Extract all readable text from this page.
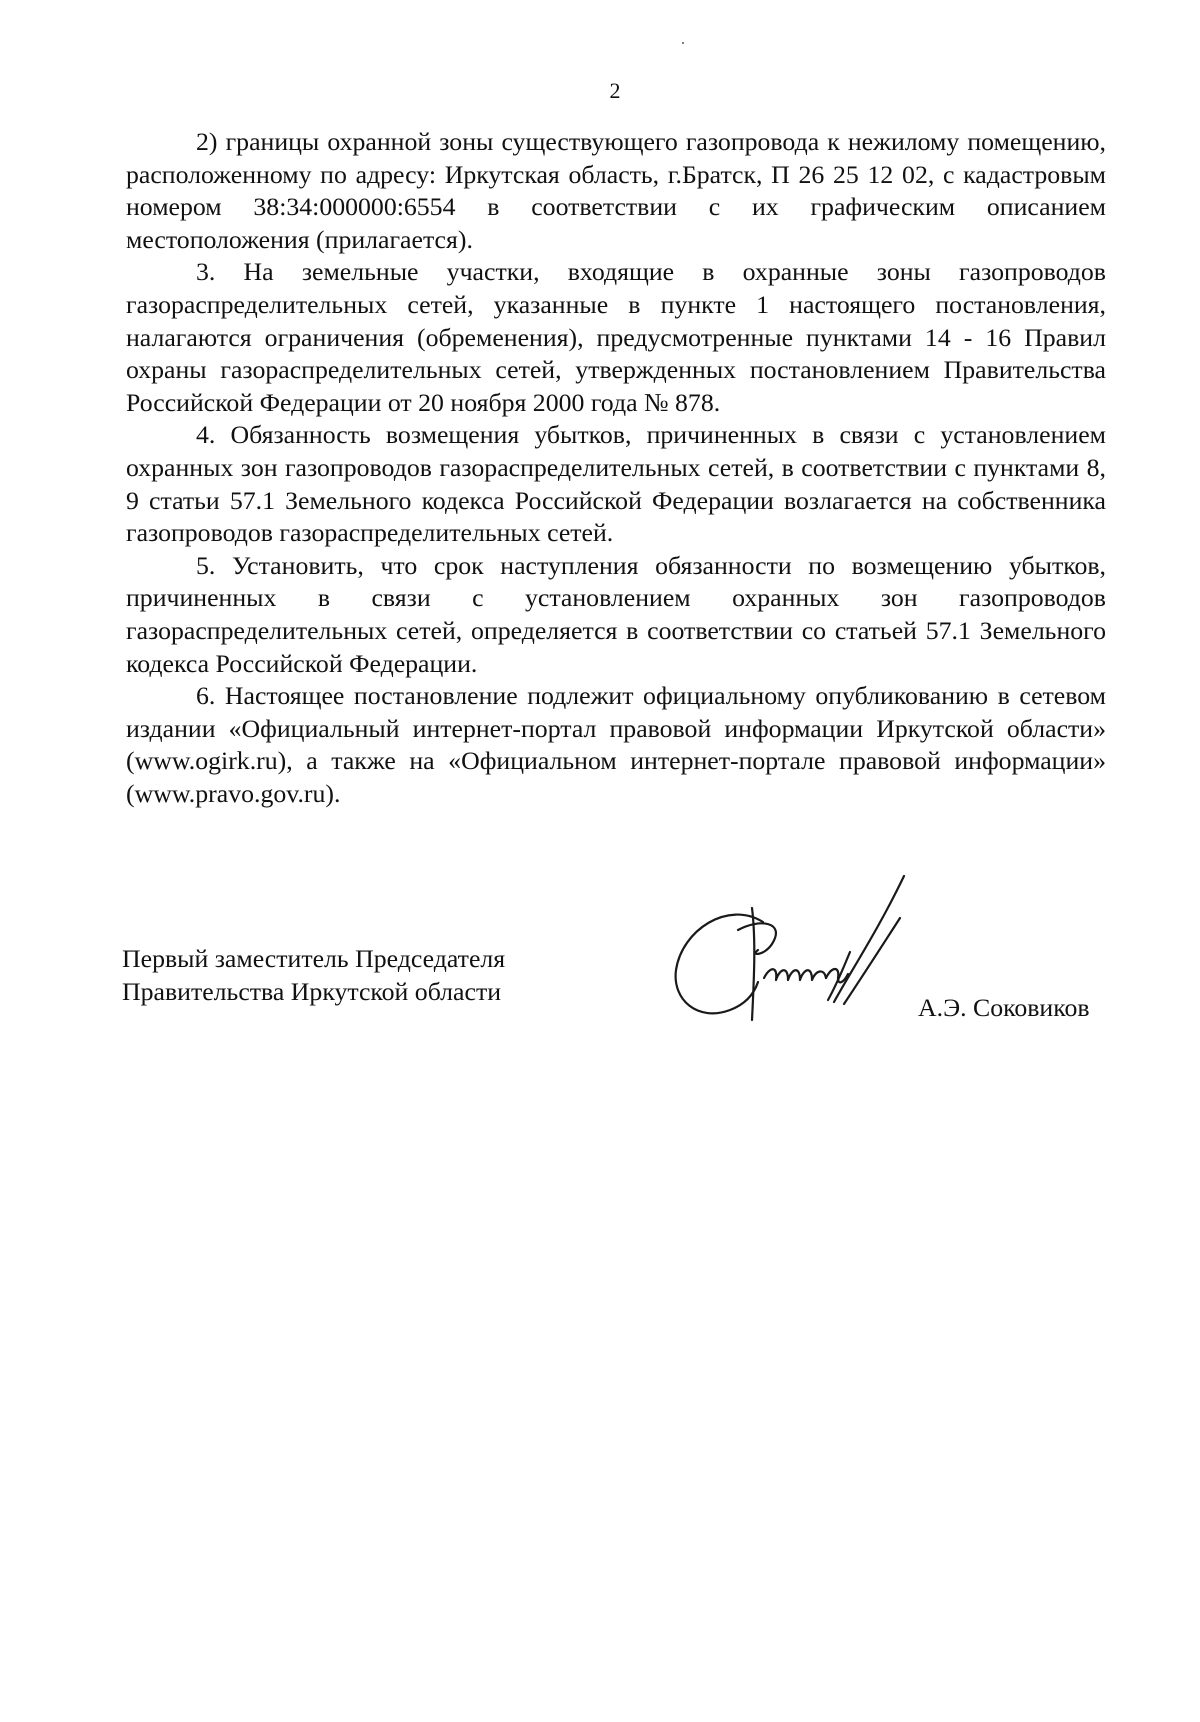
2

2) границы охранной зоны существующего газопровода к нежилому помещению, расположенному по адресу: Иркутская область, г.Братск, П 26 25 12 02, с кадастровым номером 38:34:000000:6554 в соответствии с их графическим описанием местоположения (прилагается).

3. На земельные участки, входящие в охранные зоны газопроводов газораспределительных сетей, указанные в пункте 1 настоящего постановления, налагаются ограничения (обременения), предусмотренные пунктами 14 - 16 Правил охраны газораспределительных сетей, утвержденных постановлением Правительства Российской Федерации от 20 ноября 2000 года № 878.

4. Обязанность возмещения убытков, причиненных в связи с установлением охранных зон газопроводов газораспределительных сетей, в соответствии с пунктами 8, 9 статьи 57.1 Земельного кодекса Российской Федерации возлагается на собственника газопроводов газораспределительных сетей.

5. Установить, что срок наступления обязанности по возмещению убытков, причиненных в связи с установлением охранных зон газопроводов газораспределительных сетей, определяется в соответствии со статьей 57.1 Земельного кодекса Российской Федерации.

6. Настоящее постановление подлежит официальному опубликованию в сетевом издании «Официальный интернет-портал правовой информации Иркутской области» (www.ogirk.ru), а также на «Официальном интернет-портале правовой информации» (www.pravo.gov.ru).

Первый заместитель Председателя
Правительства Иркутской области
А.Э. Соковиков
